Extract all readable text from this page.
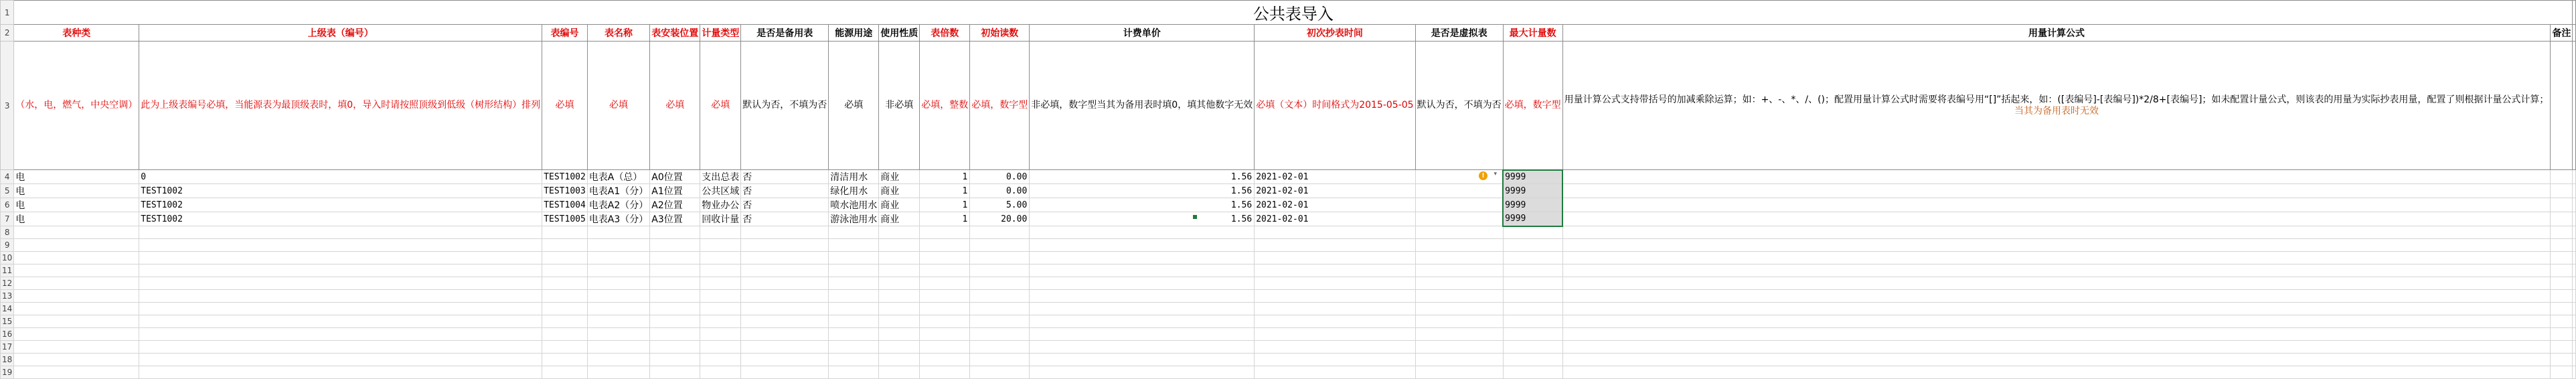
1	公共表导入																	
2	表种类	上级表（编号）	表编号	表名称	表安装位置	计量类型	是否是备用表	能源用途	使用性质	表倍数	初始读数	计费单价	初次抄表时间	是否是虚拟表	最大计量数	用量计算公式	备注	
3	（水，电，燃气，中央空调）	此为上级表编号必填，当能源表为最顶级表时，填0，导入时请按照顶级到低级（树形结构）排列	必填	必填	必填	必填	默认为否，不填为否	必填	非必填	必填，整数	必填，数字型	非必填，数字型当其为备用表时填0，填其他数字无效	必填（文本）时间格式为2015-05-05	默认为否，不填为否	必填，数字型	用量计算公式支持带括号的加减乘除运算；如：+、-、*、/、()；配置用量计算公式时需要将表编号用“[]”括起来，如：([表编号]-[表编号])*2/8+[表编号]；如未配置计量公式，则该表的用量为实际抄表用量，配置了则根据计量公式计算；
当其为备用表时无效		

4	电	0	TEST1002	电表A（总）	A0位置	支出总表	否	清洁用水	商业	1	0.00	1.56	2021-02-01	! ▾	9999			
5	电	TEST1002	TEST1003	电表A1（分）	A1位置	公共区域	否	绿化用水	商业	1	0.00	1.56	2021-02-01		9999			
6	电	TEST1002	TEST1004	电表A2（分）	A2位置	物业办公	否	喷水池用水	商业	1	5.00	1.56	2021-02-01		9999			
7	电	TEST1002	TEST1005	电表A3（分）	A3位置	回收计量	否	游泳池用水	商业	1	20.00	1.56	2021-02-01		9999			
8																		
9																		
10																		
11																		
12																		
13																		
14																		
15																		
16																		
17																		
18																		
19																		
